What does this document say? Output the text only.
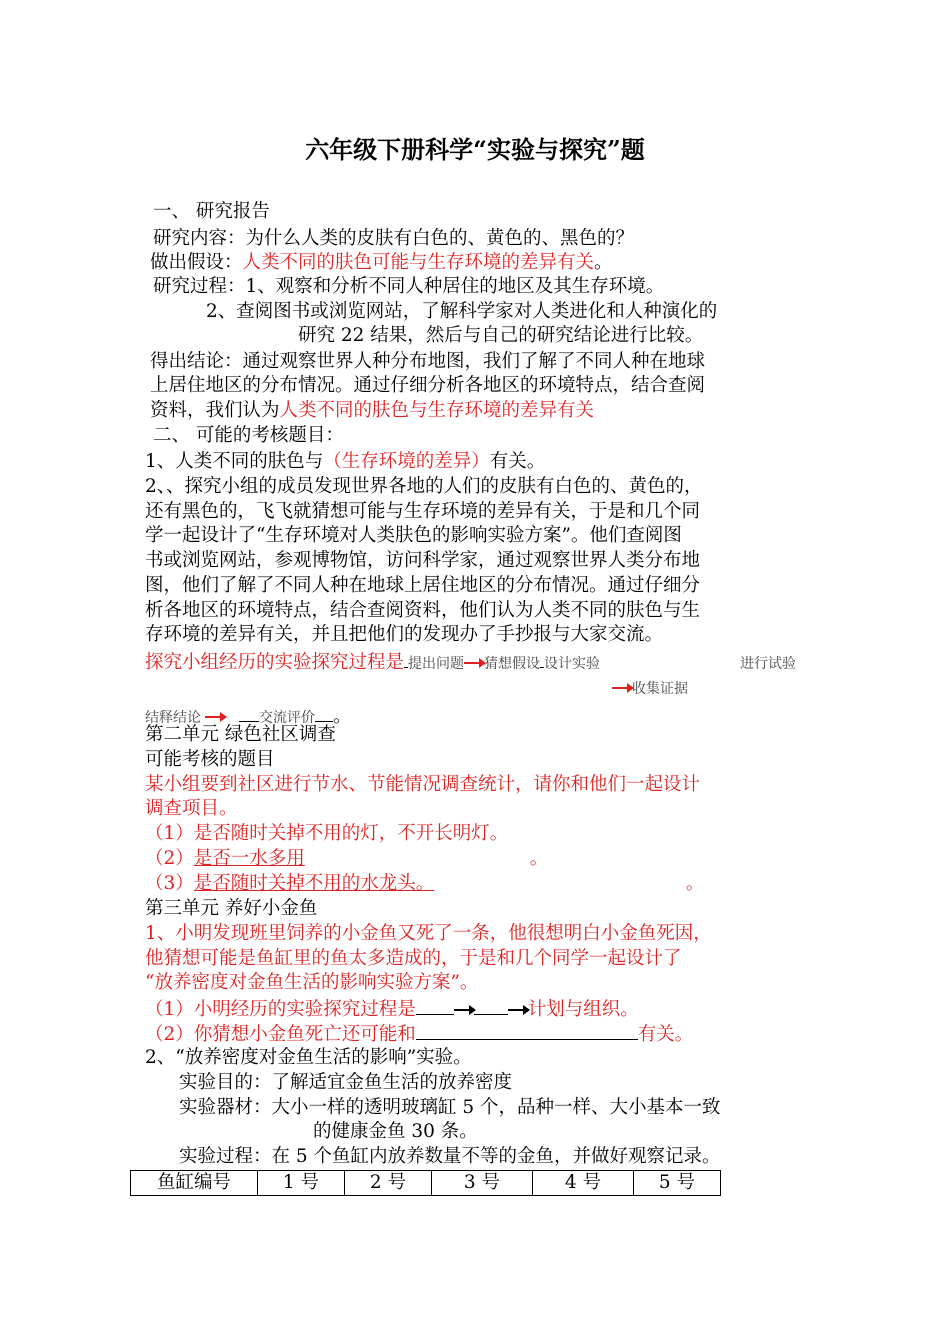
六年级下册科学“实验与探究”题
一、 研究报告
研究内容：为什么人类的皮肤有白色的、黄色的、黑色的？
做出假设：人类不同的肤色可能与生存环境的差异有关。
研究过程：1、观察和分析不同人种居住的地区及其生存环境。
2、查阅图书或浏览网站，了解科学家对人类进化和人种演化的
研究 22 结果，然后与自己的研究结论进行比较。
得出结论：通过观察世界人种分布地图，我们了解了不同人种在地球
上居住地区的分布情况。通过仔细分析各地区的环境特点，结合查阅
资料，我们认为人类不同的肤色与生存环境的差异有关
二、 可能的考核题目：
1、人类不同的肤色与（生存环境的差异）有关。
2、、探究小组的成员发现世界各地的人们的皮肤有白色的、黄色的，
还有黑色的，飞飞就猜想可能与生存环境的差异有关，于是和几个同
学一起设计了“生存环境对人类肤色的影响实验方案”。他们查阅图
书或浏览网站，参观博物馆，访问科学家，通过观察世界人类分布地
图，他们了解了不同人种在地球上居住地区的分布情况。通过仔细分
析各地区的环境特点，结合查阅资料，他们认为人类不同的肤色与生
存环境的差异有关，并且把他们的发现办了手抄报与大家交流。
探究小组经历的实验探究过程是 提出问题 猜想假设 设计实验	进行试验
收集证据
结释结论	交流评价 。
第二单元 绿色社区调查
可能考核的题目
某小组要到社区进行节水、节能情况调查统计，请你和他们一起设计
调查项目。
（1）是否随时关掉不用的灯，不开长明灯。
（2）是否一水多用	。
（3）是否随时关掉不用的水龙头。	。
第三单元 养好小金鱼
1、小明发现班里饲养的小金鱼又死了一条，他很想明白小金鱼死因，
他猜想可能是鱼缸里的鱼太多造成的，于是和几个同学一起设计了
“放养密度对金鱼生活的影响实验方案”。
（1）小明经历的实验探究过程是	计划与组织。
（2）你猜想小金鱼死亡还可能和	有关。
2、“放养密度对金鱼生活的影响”实验。
实验目的：了解适宜金鱼生活的放养密度
实验器材：大小一样的透明玻璃缸 5 个，品种一样、大小基本一致
的健康金鱼 30 条。
实验过程：在 5 个鱼缸内放养数量不等的金鱼，并做好观察记录。
鱼缸编号	1 号	2 号	3 号	4 号	5 号
